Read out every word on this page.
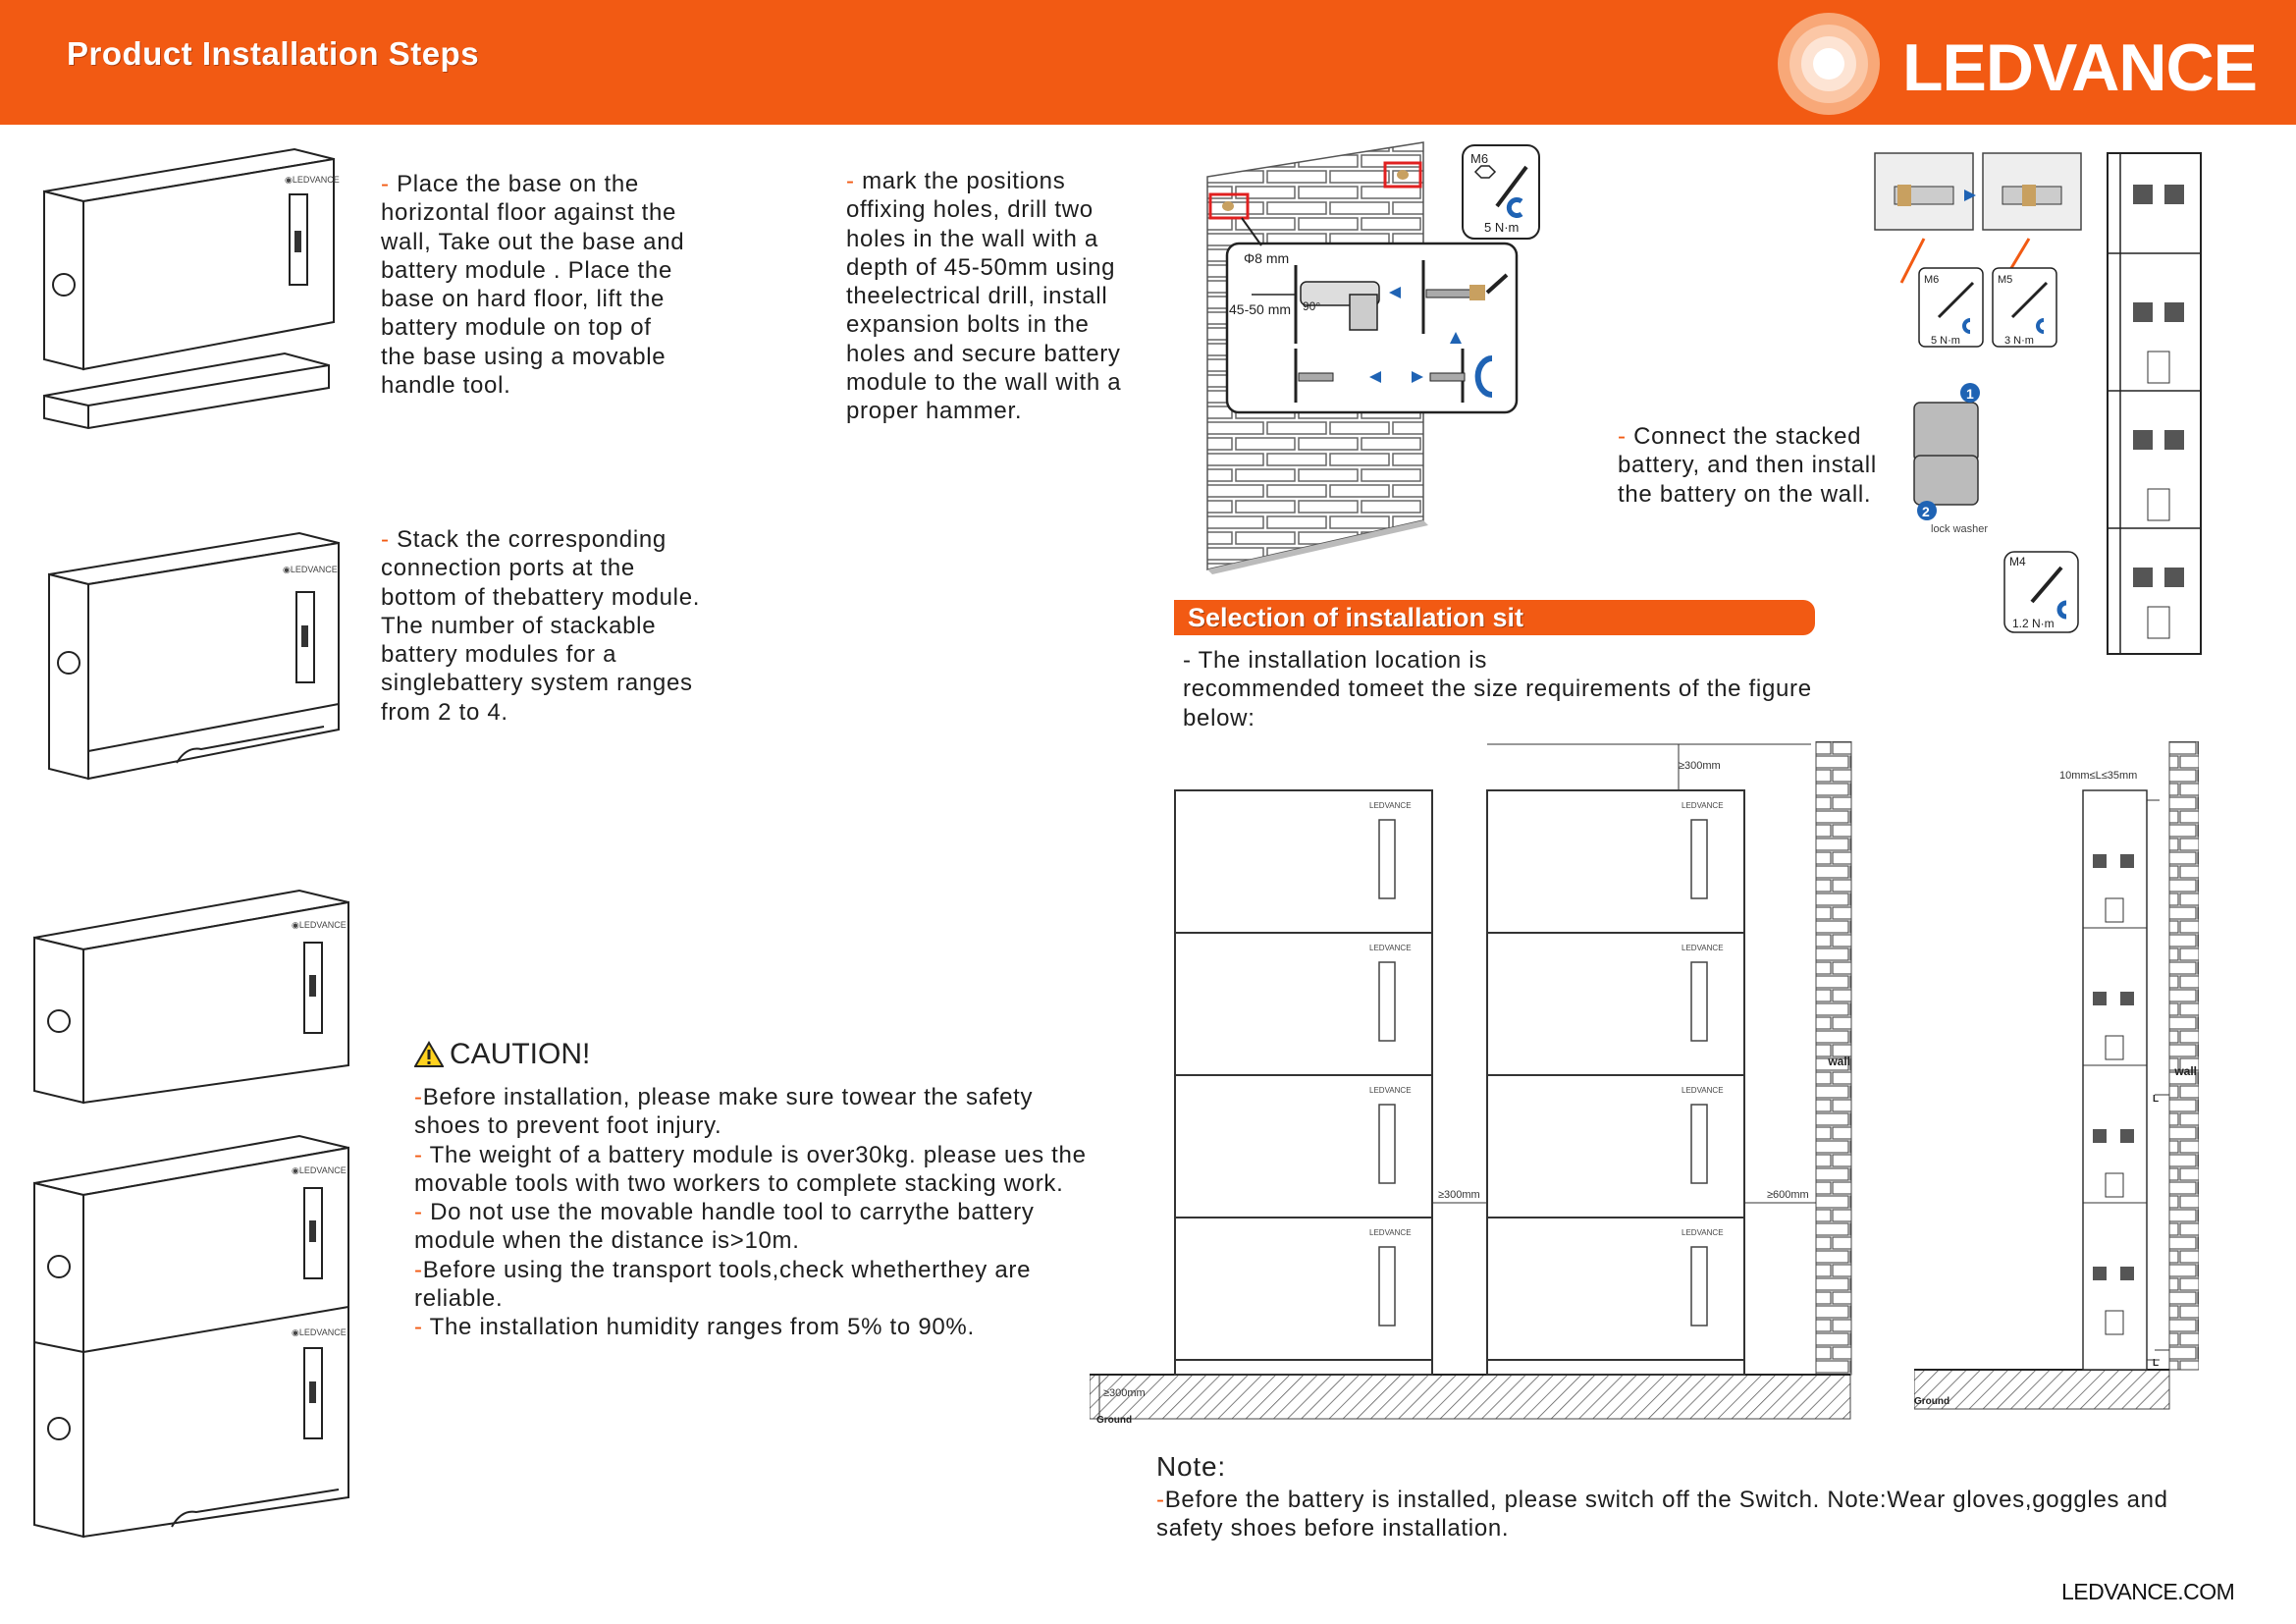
Product Installation Steps	LEDVANCE
◉LEDVANCE
◉LEDVANCE
◉LEDVANCE
◉LEDVANCE
◉LEDVANCE
- Place the base on the horizontal floor against the wall, Take out the base and battery module . Place the base on hard floor, lift the battery module on top of the base using a movable handle tool.
- Stack the corresponding connection ports at the bottom of thebattery module. The number of stackable battery modules for a singlebattery system ranges from 2 to 4.
- mark the positions offixing holes, drill two holes in the wall with a depth of 45-50mm using theelectrical drill, install expansion bolts in the holes and secure battery module to the wall with a proper hammer.
- Connect the stacked battery, and then install the battery on the wall.
M6
5 N·m
Φ8 mm
45-50 mm 90°
1
2
lock washer
M6
5 N·m
M5
3 N·m
M4
1.2 N·m
Selection of installation sit
- The installation location is
recommended tomeet the size requirements of the figure below:
LEDVANCE
LEDVANCE
LEDVANCE
LEDVANCE
LEDVANCE
LEDVANCE
LEDVANCE
LEDVANCE
≥300mm
≥300mm	≥600mm
≥300mm
Ground
wall
10mm≤L≤35mm
L
L
Ground
wall
CAUTION!

-Before installation, please make sure towear the safety shoes to prevent foot injury.

- The weight of a battery module is over30kg. please ues the movable tools with two workers to complete stacking work.

- Do not use the movable handle tool to carrythe battery module when the distance is>10m.

-Before using the transport tools,check whetherthey are reliable.

- The installation humidity ranges from 5% to 90%.

Note:
-Before the battery is installed, please switch off the Switch. Note:Wear gloves,goggles and safety shoes before installation.
LEDVANCE.COM
